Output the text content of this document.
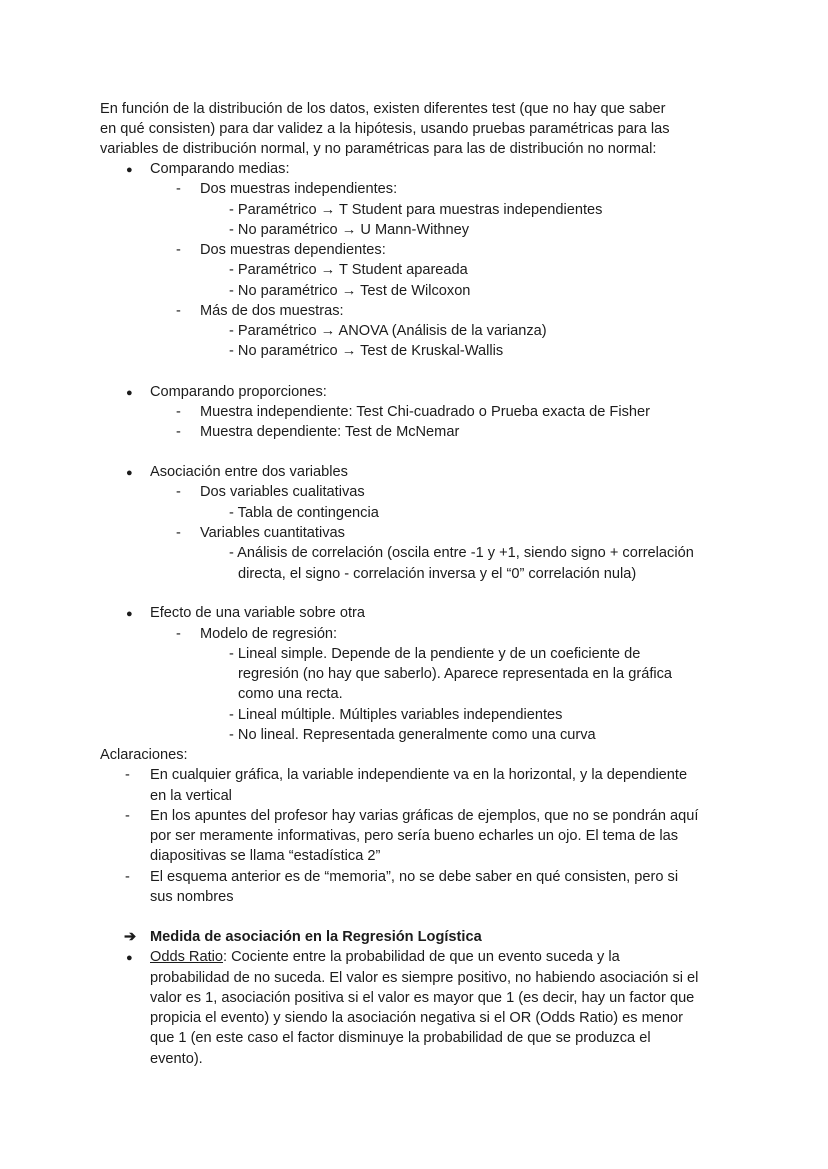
En función de la distribución de los datos, existen diferentes test (que no hay que saber
en qué consisten) para dar validez a la hipótesis, usando pruebas paramétricas para las
variables de distribución normal, y no paramétricas para las de distribución no normal:
● Comparando medias:
- Dos muestras independientes:
- Paramétrico → T Student para muestras independientes
- No paramétrico → U Mann-Withney
- Dos muestras dependientes:
- Paramétrico → T Student apareada
- No paramétrico → Test de Wilcoxon
- Más de dos muestras:
- Paramétrico → ANOVA (Análisis de la varianza)
- No paramétrico → Test de Kruskal-Wallis
● Comparando proporciones:
- Muestra independiente: Test Chi-cuadrado o Prueba exacta de Fisher
- Muestra dependiente: Test de McNemar
● Asociación entre dos variables
- Dos variables cualitativas
- Tabla de contingencia
- Variables cuantitativas
- Análisis de correlación (oscila entre -1 y +1, siendo signo + correlación
directa, el signo - correlación inversa y el “0” correlación nula)
● Efecto de una variable sobre otra
- Modelo de regresión:
- Lineal simple. Depende de la pendiente y de un coeficiente de
regresión (no hay que saberlo). Aparece representada en la gráfica
como una recta.
- Lineal múltiple. Múltiples variables independientes
- No lineal. Representada generalmente como una curva
Aclaraciones:
- En cualquier gráfica, la variable independiente va en la horizontal, y la dependiente
en la vertical
- En los apuntes del profesor hay varias gráficas de ejemplos, que no se pondrán aquí
por ser meramente informativas, pero sería bueno echarles un ojo. El tema de las
diapositivas se llama “estadística 2”
- El esquema anterior es de “memoria”, no se debe saber en qué consisten, pero si
sus nombres
➔ Medida de asociación en la Regresión Logística
● Odds Ratio: Cociente entre la probabilidad de que un evento suceda y la
probabilidad de no suceda. El valor es siempre positivo, no habiendo asociación si el
valor es 1, asociación positiva si el valor es mayor que 1 (es decir, hay un factor que
propicia el evento) y siendo la asociación negativa si el OR (Odds Ratio) es menor
que 1 (en este caso el factor disminuye la probabilidad de que se produzca el
evento).
